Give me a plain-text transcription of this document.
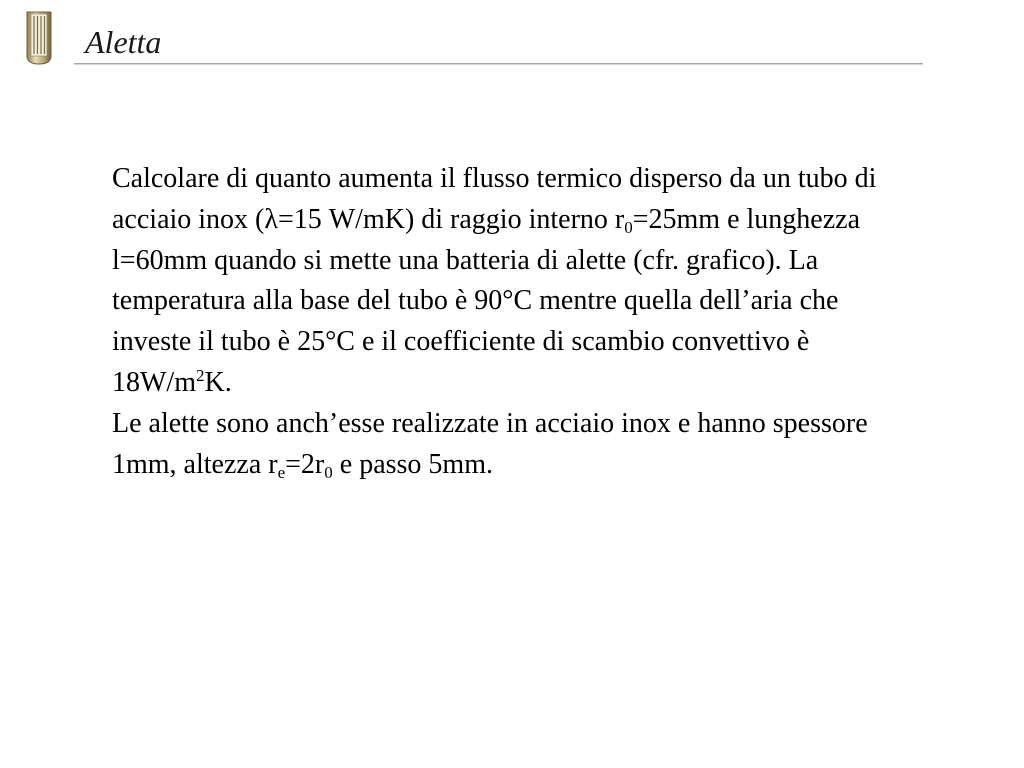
Aletta

Calcolare di quanto aumenta il flusso termico disperso da un tubo di acciaio inox (λ=15 W/mK) di raggio interno $r_0=25mm$ e lunghezza l=60mm quando si mette una batteria di alette (cfr. grafico). La temperatura alla base del tubo è 90°C mentre quella dell’aria che investe il tubo è 25°C e il coefficiente di scambio convettivo è $18W/m^2K$.

Le alette sono anch’esse realizzate in acciaio inox e hanno spessore 1mm, altezza $r_e=2r_0$ e passo 5mm.
